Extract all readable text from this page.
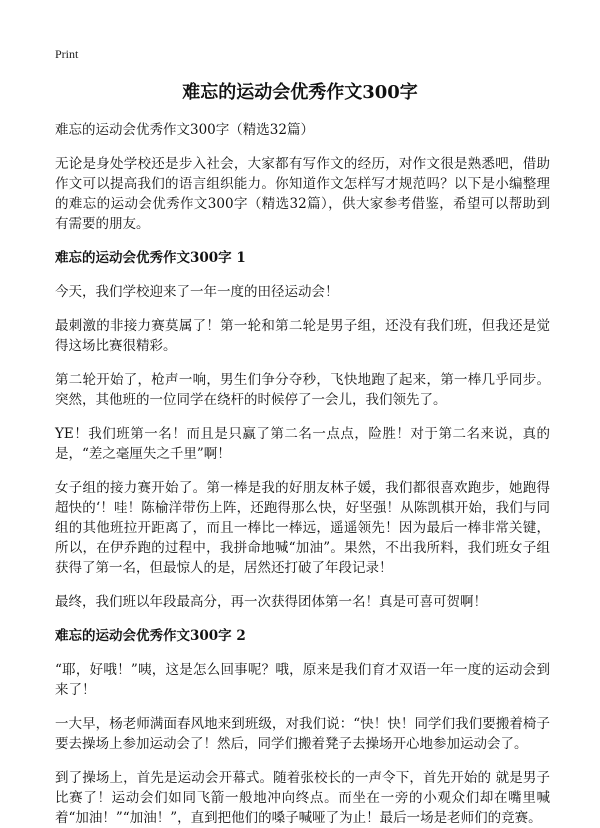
Print
难忘的运动会优秀作文300字

难忘的运动会优秀作文300字（精选32篇）

无论是身处学校还是步入社会，大家都有写作文的经历，对作文很是熟悉吧，借助作文可以提高我们的语言组织能力。你知道作文怎样写才规范吗？以下是小编整理的难忘的运动会优秀作文300字（精选32篇），供大家参考借鉴，希望可以帮助到有需要的朋友。

难忘的运动会优秀作文300字 1

今天，我们学校迎来了一年一度的田径运动会！

最刺激的非接力赛莫属了！第一轮和第二轮是男子组，还没有我们班，但我还是觉得这场比赛很精彩。

第二轮开始了，枪声一响，男生们争分夺秒，飞快地跑了起来，第一棒几乎同步。突然，其他班的一位同学在绕杆的时候停了一会儿，我们领先了。

YE！我们班第一名！而且是只赢了第二名一点点，险胜！对于第二名来说，真的是，“差之毫厘失之千里”啊！

女子组的接力赛开始了。第一棒是我的好朋友林子媛，我们都很喜欢跑步，她跑得超快的‘！哇！陈榆洋带伤上阵，还跑得那么快，好坚强！从陈凯棋开始，我们与同组的其他班拉开距离了，而且一棒比一棒远，遥遥领先！因为最后一棒非常关键，所以，在伊乔跑的过程中，我拼命地喊“加油”。果然，不出我所料，我们班女子组获得了第一名，但最惊人的是，居然还打破了年段记录！

最终，我们班以年段最高分，再一次获得团体第一名！真是可喜可贺啊！

难忘的运动会优秀作文300字 2

“耶，好哦！”咦，这是怎么回事呢？哦，原来是我们育才双语一年一度的运动会到来了！

一大早，杨老师满面春风地来到班级，对我们说：“快！快！同学们我们要搬着椅子要去操场上参加运动会了！然后，同学们搬着凳子去操场开心地参加运动会了。

到了操场上，首先是运动会开幕式。随着张校长的一声令下，首先开始的 就是男子比赛了！运动会们如同飞箭一般地冲向终点。而坐在一旁的小观众们却在嘴里喊着“加油！”“加油！”，直到把他们的嗓子喊哑了为止！最后一场是老师们的竞赛。
